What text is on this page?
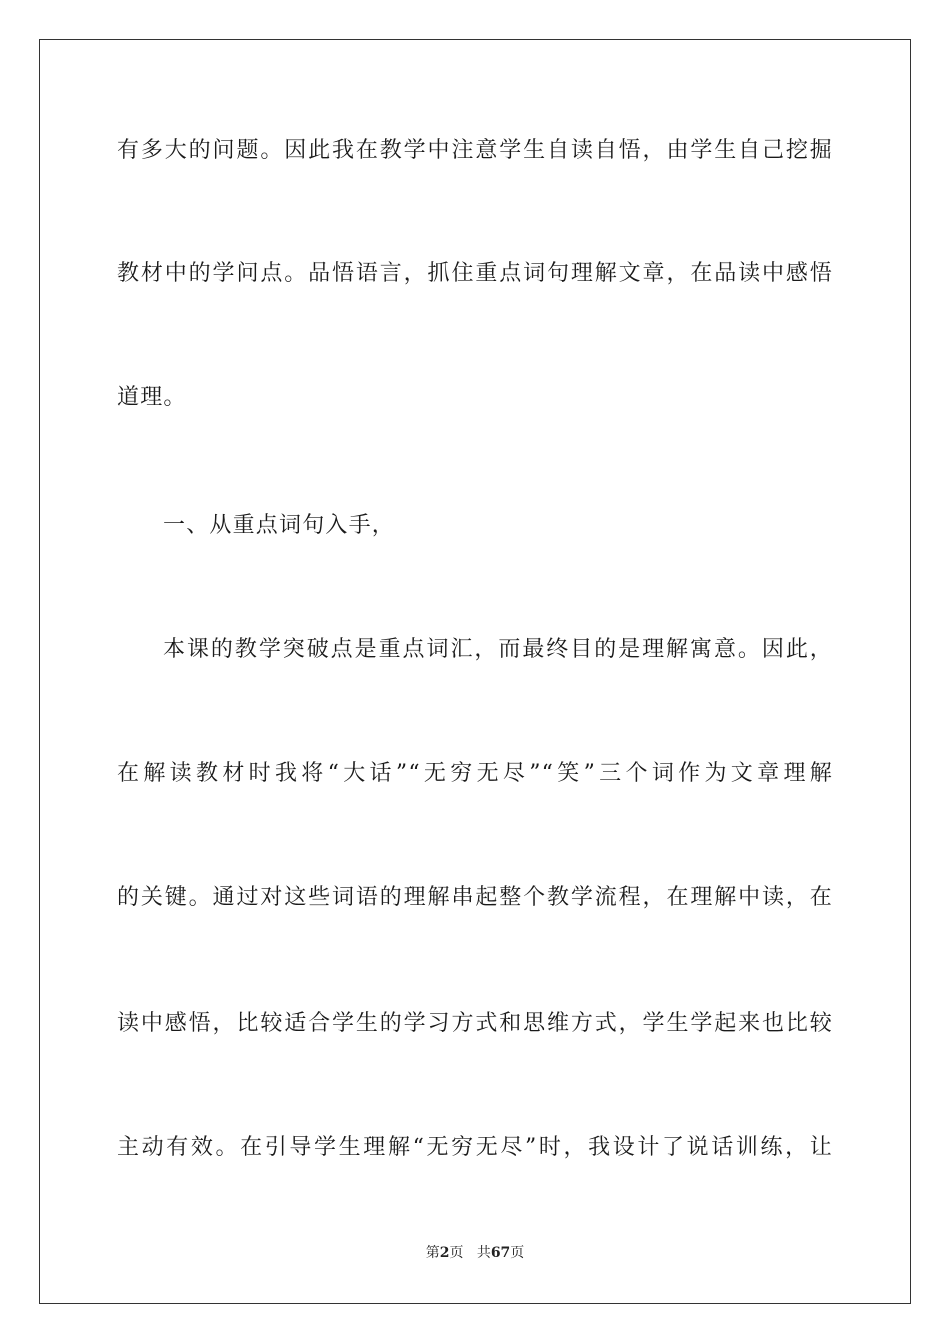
有多大的问题。因此我在教学中注意学生自读自悟，由学生自己挖掘
教材中的学问点。品悟语言，抓住重点词句理解文章，在品读中感悟
道理。
一、从重点词句入手，
本课的教学突破点是重点词汇，而最终目的是理解寓意。因此，
在解读教材时我将“大话”“无穷无尽”“笑”三个词作为文章理解
的关键。通过对这些词语的理解串起整个教学流程，在理解中读，在
读中感悟，比较适合学生的学习方式和思维方式，学生学起来也比较
主动有效。在引导学生理解“无穷无尽”时，我设计了说话训练，让
第2页 共67页
